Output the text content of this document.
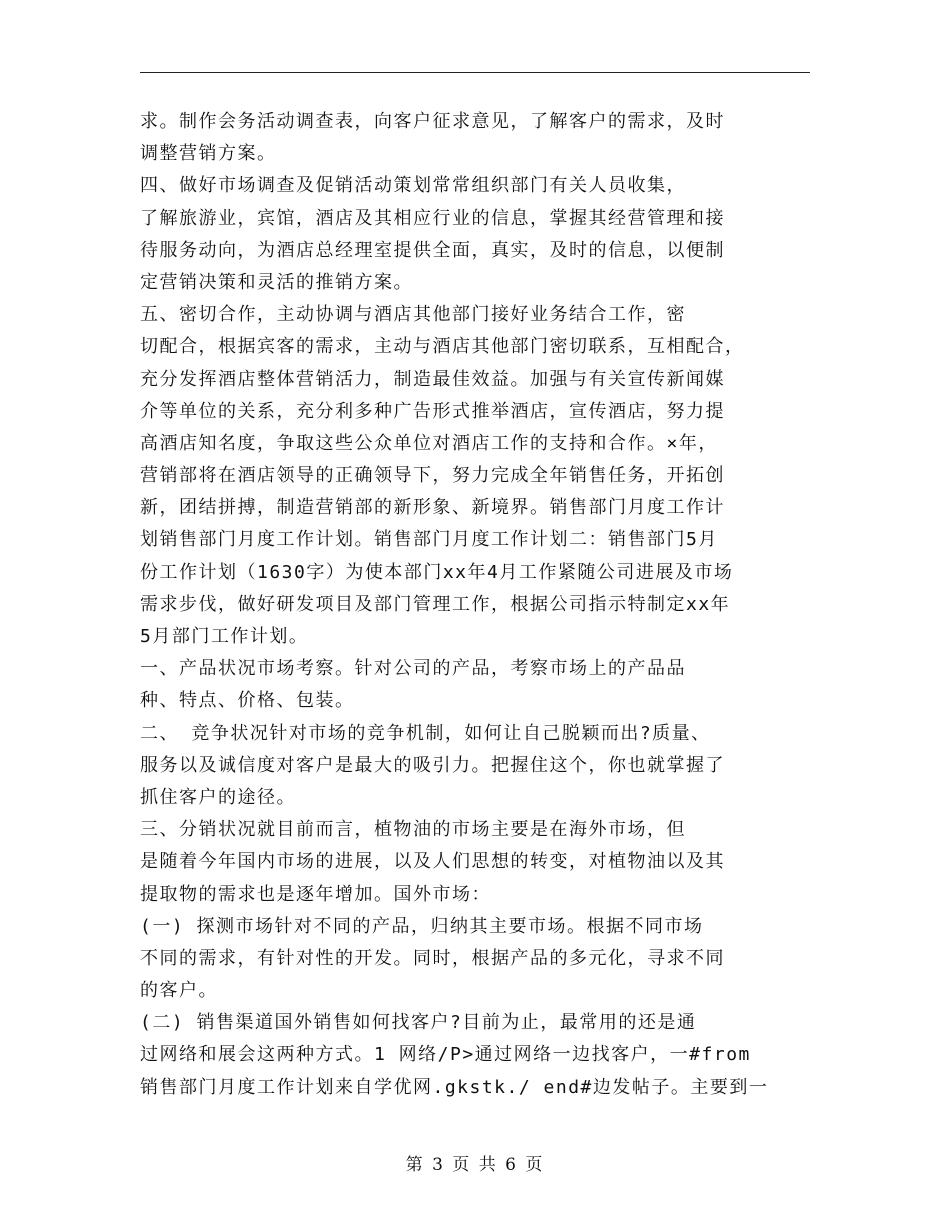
求。制作会务活动调查表，向客户征求意见，了解客户的需求，及时
调整营销方案。
四、做好市场调查及促销活动策划常常组织部门有关人员收集，
了解旅游业，宾馆，酒店及其相应行业的信息，掌握其经营管理和接
待服务动向，为酒店总经理室提供全面，真实，及时的信息，以便制
定营销决策和灵活的推销方案。
五、密切合作，主动协调与酒店其他部门接好业务结合工作，密
切配合，根据宾客的需求，主动与酒店其他部门密切联系，互相配合，
充分发挥酒店整体营销活力，制造最佳效益。加强与有关宣传新闻媒
介等单位的关系，充分利多种广告形式推举酒店，宣传酒店，努力提
高酒店知名度，争取这些公众单位对酒店工作的支持和合作。×年，
营销部将在酒店领导的正确领导下，努力完成全年销售任务，开拓创
新，团结拼搏，制造营销部的新形象、新境界。销售部门月度工作计
划销售部门月度工作计划。销售部门月度工作计划二：销售部门5月
份工作计划（1630字）为使本部门xx年4月工作紧随公司进展及市场
需求步伐，做好研发项目及部门管理工作，根据公司指示特制定xx年
5月部门工作计划。
一、产品状况市场考察。针对公司的产品，考察市场上的产品品
种、特点、价格、包装。
二、 竞争状况针对市场的竞争机制，如何让自己脱颖而出?质量、
服务以及诚信度对客户是最大的吸引力。把握住这个，你也就掌握了
抓住客户的途径。
三、分销状况就目前而言，植物油的市场主要是在海外市场，但
是随着今年国内市场的进展，以及人们思想的转变，对植物油以及其
提取物的需求也是逐年增加。国外市场：
(一) 探测市场针对不同的产品，归纳其主要市场。根据不同市场
不同的需求，有针对性的开发。同时，根据产品的多元化，寻求不同
的客户。
(二) 销售渠道国外销售如何找客户?目前为止，最常用的还是通
过网络和展会这两种方式。1 网络/P>通过网络一边找客户，一#from
销售部门月度工作计划来自学优网.gkstk./ end#边发帖子。主要到一
第 3 页 共 6 页
